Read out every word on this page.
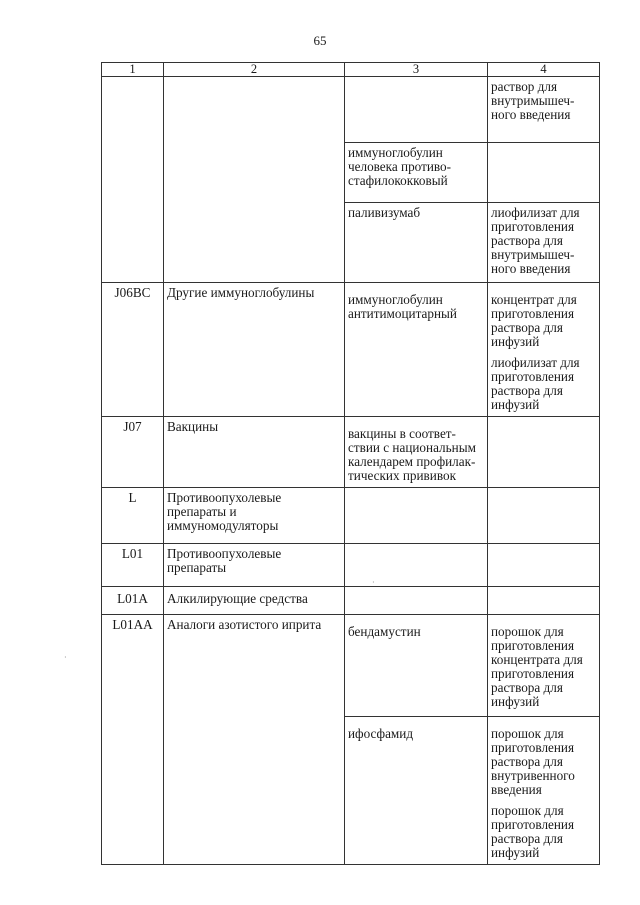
65
1	2	3	4

			раствор для внутримышеч-ного введения

		иммуноглобулин человека противо-стафилококковый	
		паливизумаб	лиофилизат для приготовления раствора для внутримышеч-ного введения

J06BC	Другие иммуноглобулины	иммуноглобулин антитимоцитарный	концентрат для приготовления раствора для инфузий
лиофилизат для приготовления раствора для инфузий

J07	Вакцины	вакцины в соответ-ствии с национальным календарем профилак-тических прививок	
L	Противоопухолевые препараты и иммуномодуляторы		
L01	Противоопухолевые препараты		
L01A	Алкилирующие средства		
L01AA	Аналоги азотистого иприта	бендамустин	порошок для приготовления концентрата для приготовления раствора для инфузий

		ифосфамид	порошок для приготовления раствора для внутривенного введения
порошок для приготовления раствора для инфузий
·
·
